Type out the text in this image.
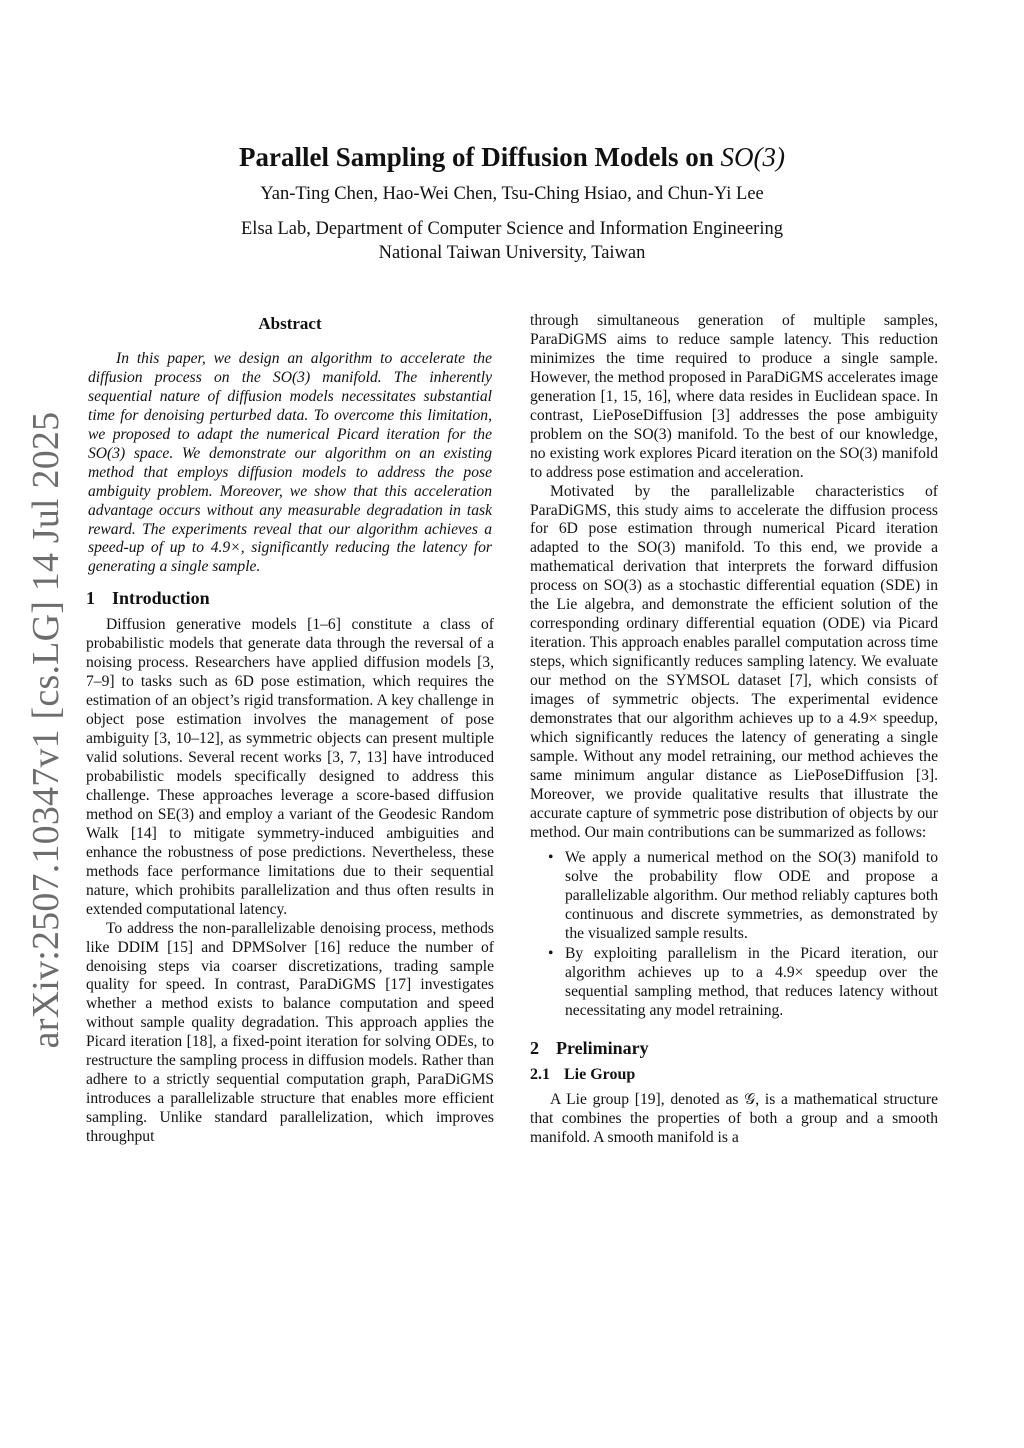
arXiv:2507.10347v1 [cs.LG] 14 Jul 2025
Parallel Sampling of Diffusion Models on SO(3)
Yan-Ting Chen, Hao-Wei Chen, Tsu-Ching Hsiao, and Chun-Yi Lee
Elsa Lab, Department of Computer Science and Information Engineering
National Taiwan University, Taiwan
Abstract

In this paper, we design an algorithm to accelerate the diffusion process on the SO(3) manifold. The inherently sequential nature of diffusion models necessitates substantial time for denoising perturbed data. To overcome this limitation, we proposed to adapt the numerical Picard iteration for the SO(3) space. We demonstrate our algorithm on an existing method that employs diffusion models to address the pose ambiguity problem. Moreover, we show that this acceleration advantage occurs without any measurable degradation in task reward. The experiments reveal that our algorithm achieves a speed-up of up to 4.9×, significantly reducing the latency for generating a single sample.

1 Introduction

Diffusion generative models [1–6] constitute a class of probabilistic models that generate data through the reversal of a noising process. Researchers have applied diffusion models [3, 7–9] to tasks such as 6D pose estimation, which requires the estimation of an object’s rigid transformation. A key challenge in object pose estimation involves the management of pose ambiguity [3, 10–12], as symmetric objects can present multiple valid solutions. Several recent works [3, 7, 13] have introduced probabilistic models specifically designed to address this challenge. These approaches leverage a score-based diffusion method on SE(3) and employ a variant of the Geodesic Random Walk [14] to mitigate symmetry-induced ambiguities and enhance the robustness of pose predictions. Nevertheless, these methods face performance limitations due to their sequential nature, which prohibits parallelization and thus often results in extended computational latency.

To address the non-parallelizable denoising process, methods like DDIM [15] and DPMSolver [16] reduce the number of denoising steps via coarser discretizations, trading sample quality for speed. In contrast, ParaDiGMS [17] investigates whether a method exists to balance computation and speed without sample quality degradation. This approach applies the Picard iteration [18], a fixed-point iteration for solving ODEs, to restructure the sampling process in diffusion models. Rather than adhere to a strictly sequential computation graph, ParaDiGMS introduces a parallelizable structure that enables more efficient sampling. Unlike standard parallelization, which improves throughput

through simultaneous generation of multiple samples, ParaDiGMS aims to reduce sample latency. This reduction minimizes the time required to produce a single sample. However, the method proposed in ParaDiGMS accelerates image generation [1, 15, 16], where data resides in Euclidean space. In contrast, LiePoseDiffusion [3] addresses the pose ambiguity problem on the SO(3) manifold. To the best of our knowledge, no existing work explores Picard iteration on the SO(3) manifold to address pose estimation and acceleration.

Motivated by the parallelizable characteristics of ParaDiGMS, this study aims to accelerate the diffusion process for 6D pose estimation through numerical Picard iteration adapted to the SO(3) manifold. To this end, we provide a mathematical derivation that interprets the forward diffusion process on SO(3) as a stochastic differential equation (SDE) in the Lie algebra, and demonstrate the efficient solution of the corresponding ordinary differential equation (ODE) via Picard iteration. This approach enables parallel computation across time steps, which significantly reduces sampling latency. We evaluate our method on the SYMSOL dataset [7], which consists of images of symmetric objects. The experimental evidence demonstrates that our algorithm achieves up to a 4.9× speedup, which significantly reduces the latency of generating a single sample. Without any model retraining, our method achieves the same minimum angular distance as LiePoseDiffusion [3]. Moreover, we provide qualitative results that illustrate the accurate capture of symmetric pose distribution of objects by our method. Our main contributions can be summarized as follows:

• We apply a numerical method on the SO(3) manifold to solve the probability flow ODE and propose a parallelizable algorithm. Our method reliably captures both continuous and discrete symmetries, as demonstrated by the visualized sample results.
• By exploiting parallelism in the Picard iteration, our algorithm achieves up to a 4.9× speedup over the sequential sampling method, that reduces latency without necessitating any model retraining.
2 Preliminary
2.1 Lie Group

A Lie group [19], denoted as 𝒢, is a mathematical structure that combines the properties of both a group and a smooth manifold. A smooth manifold is a
